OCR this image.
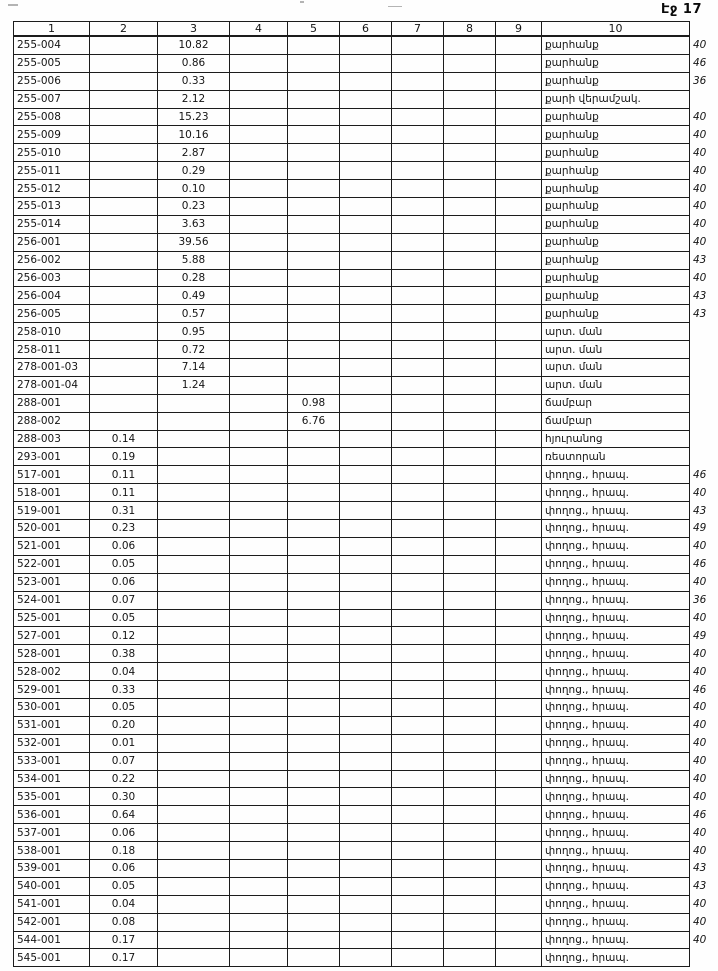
Էջ 17
1	2	3	4	5	6	7	8	9	10	
255-004		10.82							քարհանք	40
255-005		0.86							քարհանք	46
255-006		0.33							քարհանք	36
255-007		2.12							քարի վերամշակ.	
255-008		15.23							քարհանք	40
255-009		10.16							քարհանք	40
255-010		2.87							քարհանք	40
255-011		0.29							քարհանք	40
255-012		0.10							քարհանք	40
255-013		0.23							քարհանք	40
255-014		3.63							քարհանք	40
256-001		39.56							քարհանք	40
256-002		5.88							քարհանք	43
256-003		0.28							քարհանք	40
256-004		0.49							քարհանք	43
256-005		0.57							քարհանք	43
258-010		0.95							արտ. ման	
258-011		0.72							արտ. ման	
278-001-03		7.14							արտ. ման	
278-001-04		1.24							արտ. ման	
288-001				0.98					ճամբար	
288-002				6.76					ճամբար	
288-003	0.14								հյուրանոց	
293-001	0.19								ռեստորան	
517-001	0.11								փողոց., հրապ.	46
518-001	0.11								փողոց., հրապ.	40
519-001	0.31								փողոց., հրապ.	43
520-001	0.23								փողոց., հրապ.	49
521-001	0.06								փողոց., հրապ.	40
522-001	0.05								փողոց., հրապ.	46
523-001	0.06								փողոց., հրապ.	40
524-001	0.07								փողոց., հրապ.	36
525-001	0.05								փողոց., հրապ.	40
527-001	0.12								փողոց., հրապ.	49
528-001	0.38								փողոց., հրապ.	40
528-002	0.04								փողոց., հրապ.	40
529-001	0.33								փողոց., հրապ.	46
530-001	0.05								փողոց., հրապ.	40
531-001	0.20								փողոց., հրապ.	40
532-001	0.01								փողոց., հրապ.	40
533-001	0.07								փողոց., հրապ.	40
534-001	0.22								փողոց., հրապ.	40
535-001	0.30								փողոց., հրապ.	40
536-001	0.64								փողոց., հրապ.	46
537-001	0.06								փողոց., հրապ.	40
538-001	0.18								փողոց., հրապ.	40
539-001	0.06								փողոց., հրապ.	43
540-001	0.05								փողոց., հրապ.	43
541-001	0.04								փողոց., հրապ.	40
542-001	0.08								փողոց., հրապ.	40
544-001	0.17								փողոց., հրապ.	40
545-001	0.17								փողոց., հրապ.	
